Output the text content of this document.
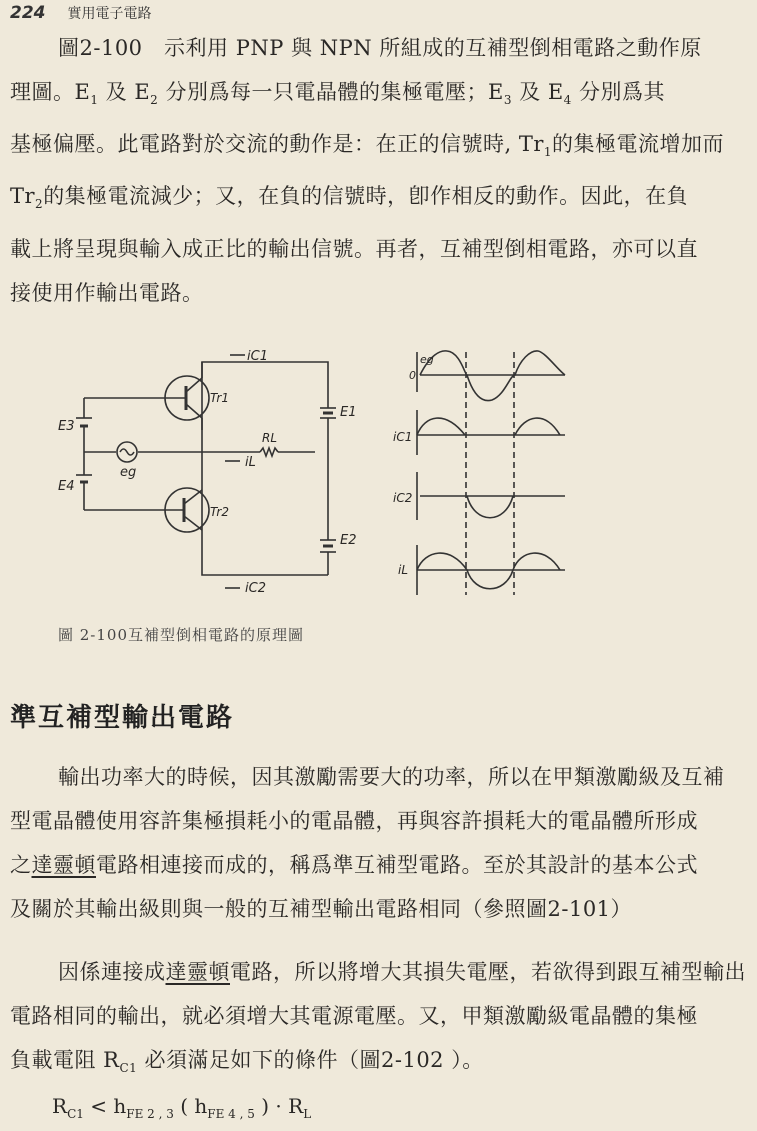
224 實用電子電路
圖2-100　示利用 PNP 與 NPN 所組成的互補型倒相電路之動作原
理圖。$E_1$ 及 $E_2$ 分別爲每一只電晶體的集極電壓；$E_3$ 及 $E_4$ 分別爲其
基極偏壓。此電路對於交流的動作是：在正的信號時, $Tr_1$的集極電流增加而
$Tr_2$的集極電流減少；又，在負的信號時，卽作相反的動作。因此，在負
載上將呈現與輸入成正比的輸出信號。再者，互補型倒相電路，亦可以直
接使用作輸出電路。
iC1
Tr1
E1
E3
RL
iL
eg
E4
Tr2
E2
iC2
eg
0
iC1
iC2
iL
圖 2-100互補型倒相電路的原理圖
準互補型輸出電路
輸出功率大的時候，因其激勵需要大的功率，所以在甲類激勵級及互補
型電晶體使用容許集極損耗小的電晶體，再與容許損耗大的電晶體所形成
之達靈頓電路相連接而成的，稱爲準互補型電路。至於其設計的基本公式
及關於其輸出級則與一般的互補型輸出電路相同（參照圖2-101）
因係連接成達靈頓電路，所以將增大其損失電壓，若欲得到跟互補型輸出
電路相同的輸出，就必須增大其電源電壓。又，甲類激勵級電晶體的集極
負載電阻 $R_{C1}$ 必須滿足如下的條件（圖2-102 ）。
$R_{C1} < h_{FE 2 , 3}$ ( $h_{FE 4 , 5}$ ) · $R_L$
